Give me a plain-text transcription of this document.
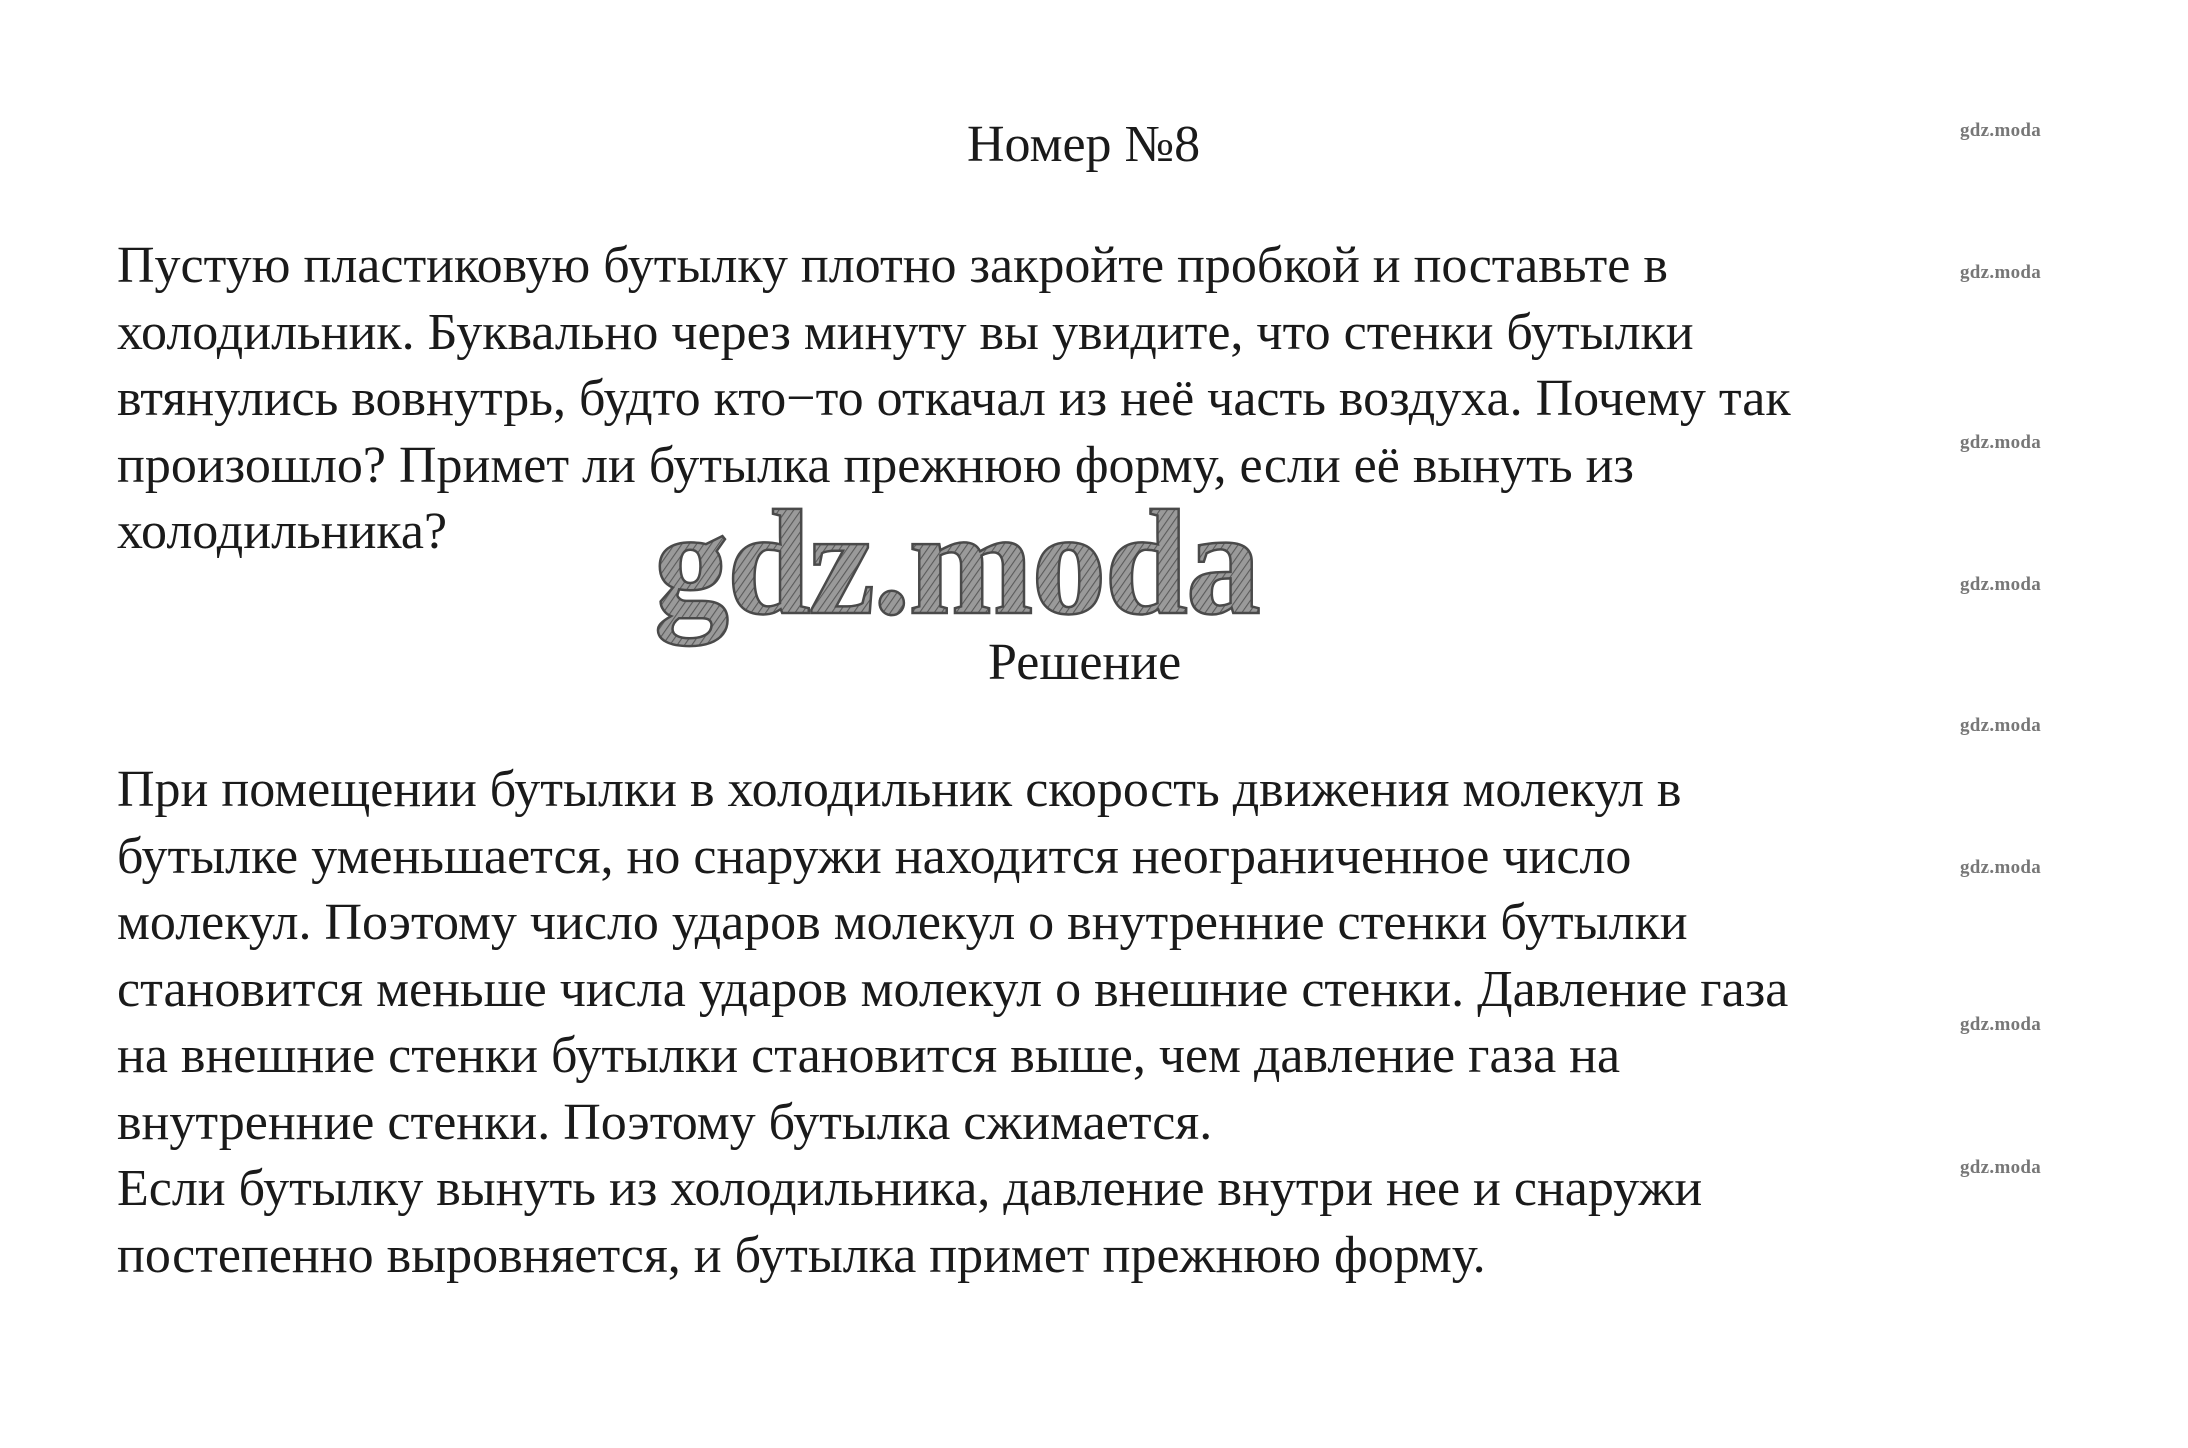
Номер №8
Пустую пластиковую бутылку плотно закройте пробкой и поставьте в
холодильник. Буквально через минуту вы увидите, что стенки бутылки
втянулись вовнутрь, будто кто−то откачал из неё часть воздуха. Почему так
произошло? Примет ли бутылка прежнюю форму, если её вынуть из
холодильника?	gdz.moda
Решение
При помещении бутылки в холодильник скорость движения молекул в
бутылке уменьшается, но снаружи находится неограниченное число
молекул. Поэтому число ударов молекул о внутренние стенки бутылки
становится меньше числа ударов молекул о внешние стенки. Давление газа
на внешние стенки бутылки становится выше, чем давление газа на
внутренние стенки. Поэтому бутылка сжимается.
Если бутылку вынуть из холодильника, давление внутри нее и снаружи
постепенно выровняется, и бутылка примет прежнюю форму.
gdz.moda
gdz.moda
gdz.moda
gdz.moda
gdz.moda
gdz.moda
gdz.moda
gdz.moda
